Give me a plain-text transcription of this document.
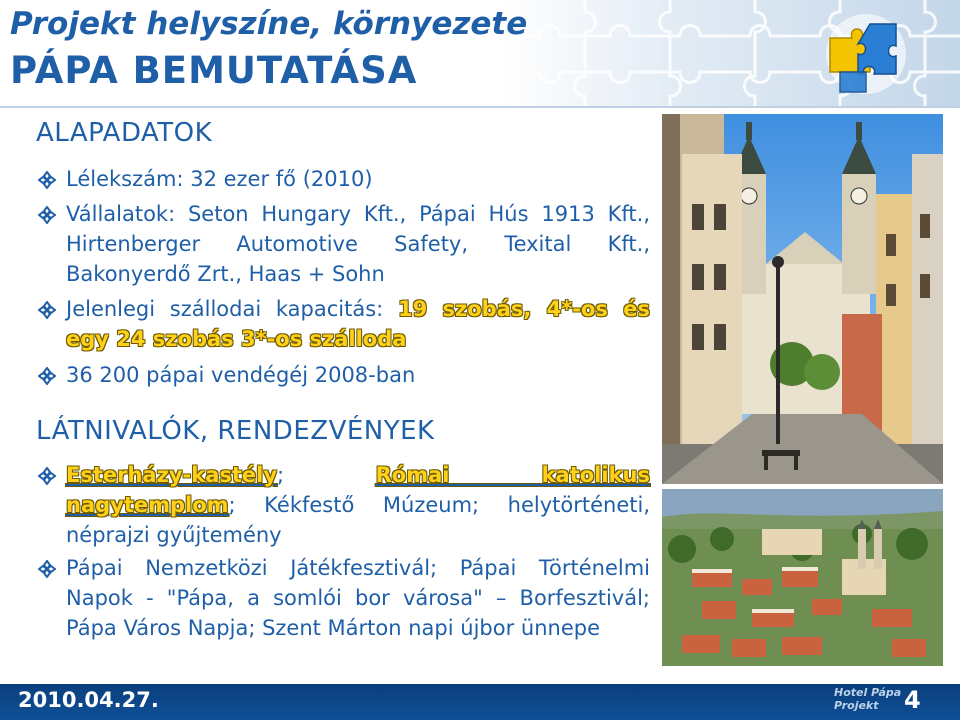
Projekt helyszíne, környezete
PÁPA BEMUTATÁSA
ALAPADATOK
Lélekszám: 32 ezer fő (2010)
Vállalatok: Seton Hungary Kft., Pápai Hús 1913 Kft., Hirtenberger Automotive Safety, Texital Kft., Bakonyerdő Zrt., Haas + Sohn
Jelenlegi szállodai kapacitás: 19 szobás, 4*-os és egy 24 szobás 3*-os szálloda
36 200 pápai vendégéj 2008-ban
LÁTNIVALÓK, RENDEZVÉNYEK
Esterházy-kastély; Római katolikus nagytemplom; Kékfestő Múzeum; helytörténeti, néprajzi gyűjtemény
Pápai Nemzetközi Játékfesztivál; Pápai Történelmi Napok - "Pápa, a somlói bor városa" – Borfesztivál; Pápa Város Napja; Szent Márton napi újbor ünnepe
2010.04.27.	Hotel Pápa
Projekt	4
